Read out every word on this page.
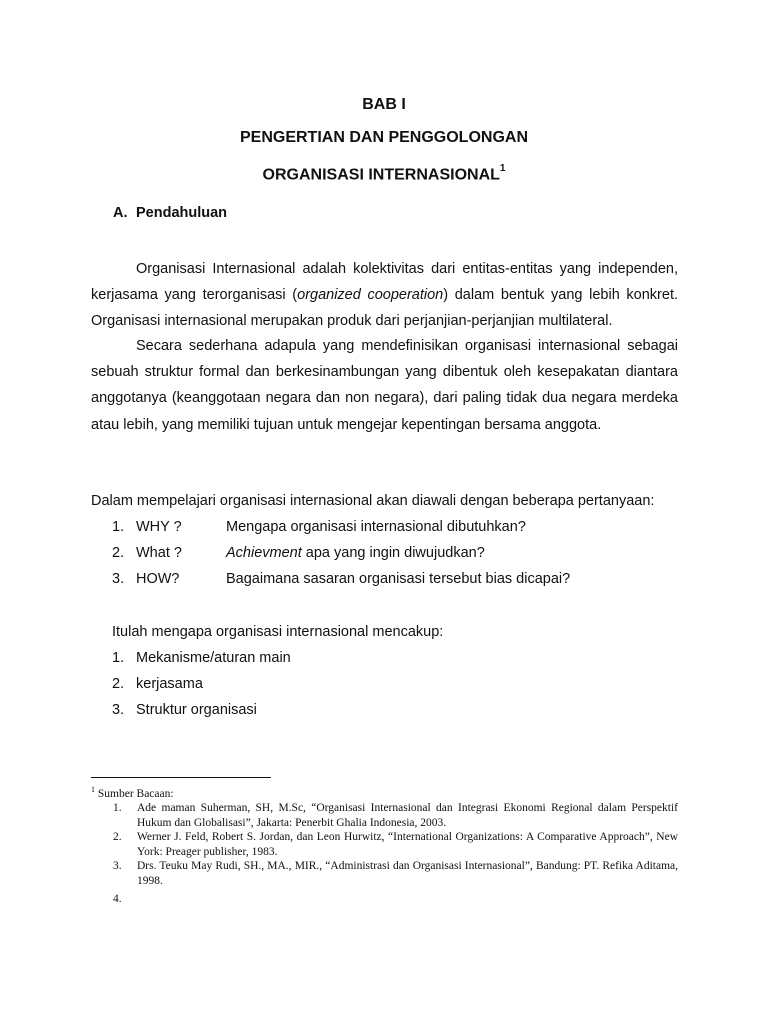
BAB I
PENGERTIAN DAN PENGGOLONGAN
ORGANISASI INTERNASIONAL$^1$
A. Pendahuluan

Organisasi Internasional adalah kolektivitas dari entitas-entitas yang independen, kerjasama yang terorganisasi (organized cooperation) dalam bentuk yang lebih konkret. Organisasi internasional merupakan produk dari perjanjian-perjanjian multilateral.

Secara sederhana adapula yang mendefinisikan organisasi internasional sebagai sebuah struktur formal dan berkesinambungan yang dibentuk oleh kesepakatan diantara anggotanya (keanggotaan negara dan non negara), dari paling tidak dua negara merdeka atau lebih, yang memiliki tujuan untuk mengejar kepentingan bersama anggota.

Dalam mempelajari organisasi internasional akan diawali dengan beberapa pertanyaan:
1. WHY ?	Mengapa organisasi internasional dibutuhkan?
2. What ?	Achievment apa yang ingin diwujudkan?
3. HOW?	Bagaimana sasaran organisasi tersebut bias dicapai?
Itulah mengapa organisasi internasional mencakup:
1. Mekanisme/aturan main
2. kerjasama
3. Struktur organisasi
$^1$ Sumber Bacaan:
1.	Ade maman Suherman, SH, M.Sc, “Organisasi Internasional dan Integrasi Ekonomi Regional dalam Perspektif Hukum dan Globalisasi”, Jakarta: Penerbit Ghalia Indonesia, 2003.
2.	Werner J. Feld, Robert S. Jordan, dan Leon Hurwitz, “International Organizations: A Comparative Approach”, New York: Preager publisher, 1983.
3.	Drs. Teuku May Rudi, SH., MA., MIR., “Administrasi dan Organisasi Internasional”, Bandung: PT. Refika Aditama, 1998.
4.
